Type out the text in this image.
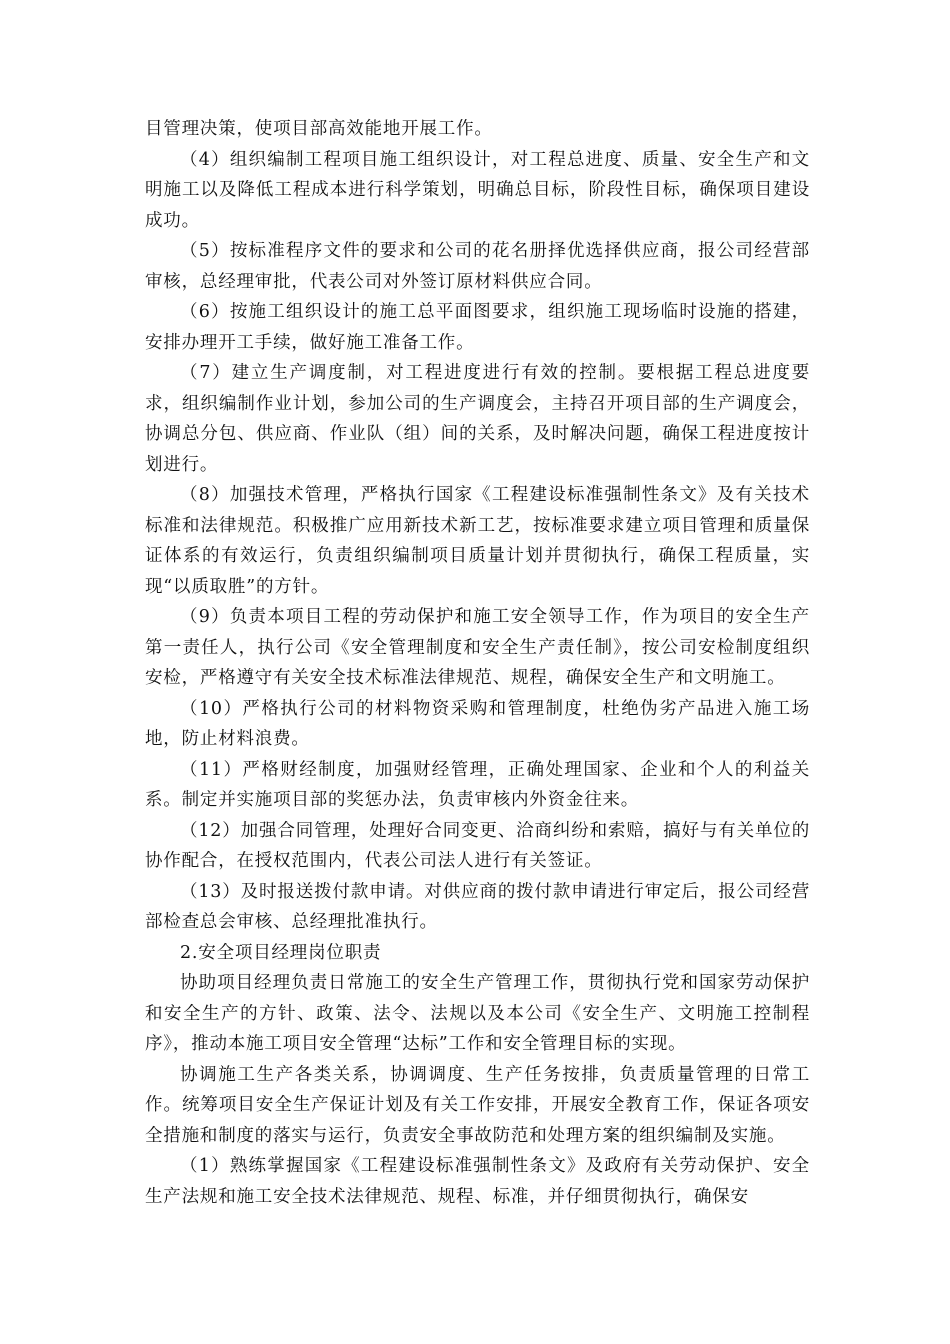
目管理决策，使项目部高效能地开展工作。

（4）组织编制工程项目施工组织设计，对工程总进度、质量、安全生产和文明施工以及降低工程成本进行科学策划，明确总目标，阶段性目标，确保项目建设成功。

（5）按标准程序文件的要求和公司的花名册择优选择供应商，报公司经营部审核，总经理审批，代表公司对外签订原材料供应合同。

（6）按施工组织设计的施工总平面图要求，组织施工现场临时设施的搭建，安排办理开工手续，做好施工准备工作。

（7）建立生产调度制，对工程进度进行有效的控制。要根据工程总进度要求，组织编制作业计划，参加公司的生产调度会，主持召开项目部的生产调度会，协调总分包、供应商、作业队（组）间的关系，及时解决问题，确保工程进度按计划进行。

（8）加强技术管理，严格执行国家《工程建设标准强制性条文》及有关技术标准和法律规范。积极推广应用新技术新工艺，按标准要求建立项目管理和质量保证体系的有效运行，负责组织编制项目质量计划并贯彻执行，确保工程质量，实现“以质取胜”的方针。

（9）负责本项目工程的劳动保护和施工安全领导工作，作为项目的安全生产第一责任人，执行公司《安全管理制度和安全生产责任制》，按公司安检制度组织安检，严格遵守有关安全技术标准法律规范、规程，确保安全生产和文明施工。

（10）严格执行公司的材料物资采购和管理制度，杜绝伪劣产品进入施工场地，防止材料浪费。

（11）严格财经制度，加强财经管理，正确处理国家、企业和个人的利益关系。制定并实施项目部的奖惩办法，负责审核内外资金往来。

（12）加强合同管理，处理好合同变更、洽商纠纷和索赔，搞好与有关单位的协作配合，在授权范围内，代表公司法人进行有关签证。

（13）及时报送拨付款申请。对供应商的拨付款申请进行审定后，报公司经营部检查总会审核、总经理批准执行。

2.安全项目经理岗位职责

协助项目经理负责日常施工的安全生产管理工作，贯彻执行党和国家劳动保护和安全生产的方针、政策、法令、法规以及本公司《安全生产、文明施工控制程序》，推动本施工项目安全管理“达标”工作和安全管理目标的实现。

协调施工生产各类关系，协调调度、生产任务按排，负责质量管理的日常工作。统筹项目安全生产保证计划及有关工作安排，开展安全教育工作，保证各项安全措施和制度的落实与运行，负责安全事故防范和处理方案的组织编制及实施。

（1）熟练掌握国家《工程建设标准强制性条文》及政府有关劳动保护、安全生产法规和施工安全技术法律规范、规程、标准，并仔细贯彻执行，确保安
